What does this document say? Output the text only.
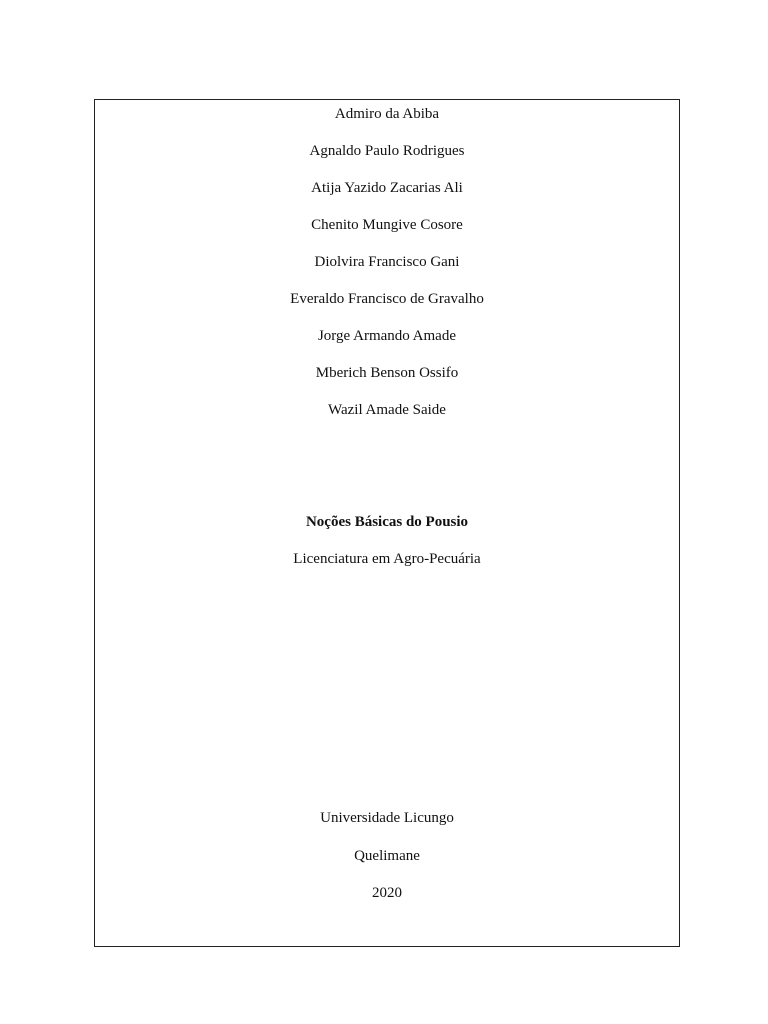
Admiro da Abiba
Agnaldo Paulo Rodrigues
Atija Yazido Zacarias Ali
Chenito Mungive Cosore
Diolvira Francisco Gani
Everaldo Francisco de Gravalho
Jorge Armando Amade
Mberich Benson Ossifo
Wazil Amade Saide
Noções Básicas do Pousio
Licenciatura em Agro-Pecuária
Universidade Licungo
Quelimane
2020
